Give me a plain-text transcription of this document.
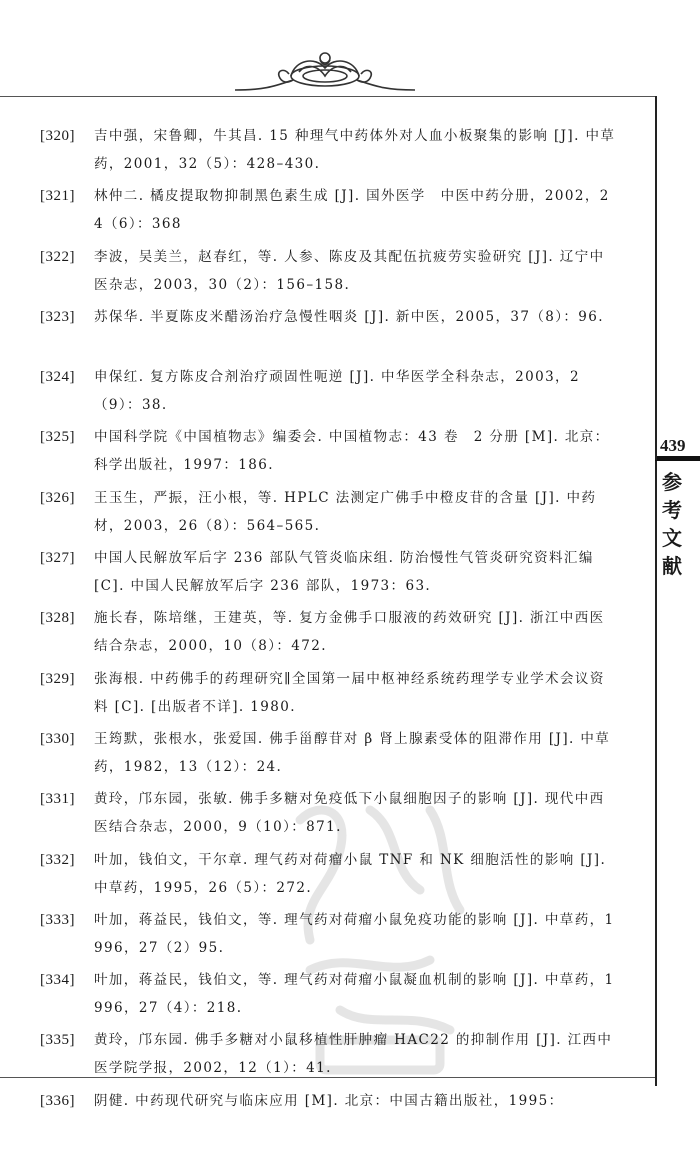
439
参考文献
[320] 吉中强，宋鲁卿，牛其昌. 15 种理气中药体外对人血小板聚集的影响 [J]. 中草药，2001，32（5）：428–430.
[321] 林仲二. 橘皮提取物抑制黑色素生成 [J]. 国外医学　中医中药分册，2002，24（6）：368
[322] 李波，吴美兰，赵春红，等. 人参、陈皮及其配伍抗疲劳实验研究 [J]. 辽宁中医杂志，2003，30（2）：156–158.
[323] 苏保华. 半夏陈皮米醋汤治疗急慢性咽炎 [J]. 新中医，2005，37（8）：96.
[324] 申保红. 复方陈皮合剂治疗顽固性呃逆 [J]. 中华医学全科杂志，2003，2（9）：38.
[325] 中国科学院《中国植物志》编委会. 中国植物志：43 卷　2 分册 [M]. 北京：科学出版社，1997：186.
[326] 王玉生，严振，汪小根，等. HPLC 法测定广佛手中橙皮苷的含量 [J]. 中药材，2003，26（8）：564–565.
[327] 中国人民解放军后字 236 部队气管炎临床组. 防治慢性气管炎研究资料汇编 [C]. 中国人民解放军后字 236 部队，1973：63.
[328] 施长春，陈培继，王建英，等. 复方金佛手口服液的药效研究 [J]. 浙江中西医结合杂志，2000，10（8）：472.
[329] 张海根. 中药佛手的药理研究∥全国第一届中枢神经系统药理学专业学术会议资料 [C]. [出版者不详]. 1980.
[330] 王筠默，张根水，张爱国. 佛手甾醇苷对 β 肾上腺素受体的阻滞作用 [J]. 中草药，1982，13（12）：24.
[331] 黄玲，邝东园，张敏. 佛手多糖对免疫低下小鼠细胞因子的影响 [J]. 现代中西医结合杂志，2000，9（10）：871.
[332] 叶加，钱伯文，干尔章. 理气药对荷瘤小鼠 TNF 和 NK 细胞活性的影响 [J]. 中草药，1995，26（5）：272.
[333] 叶加，蒋益民，钱伯文，等. 理气药对荷瘤小鼠免疫功能的影响 [J]. 中草药，1996，27（2）95.
[334] 叶加，蒋益民，钱伯文，等. 理气药对荷瘤小鼠凝血机制的影响 [J]. 中草药，1996，27（4）：218.
[335] 黄玲，邝东园. 佛手多糖对小鼠移植性肝肿瘤 HAC22 的抑制作用 [J]. 江西中医学院学报，2002，12（1）：41.
[336] 阴健. 中药现代研究与临床应用 [M]. 北京：中国古籍出版社，1995：
